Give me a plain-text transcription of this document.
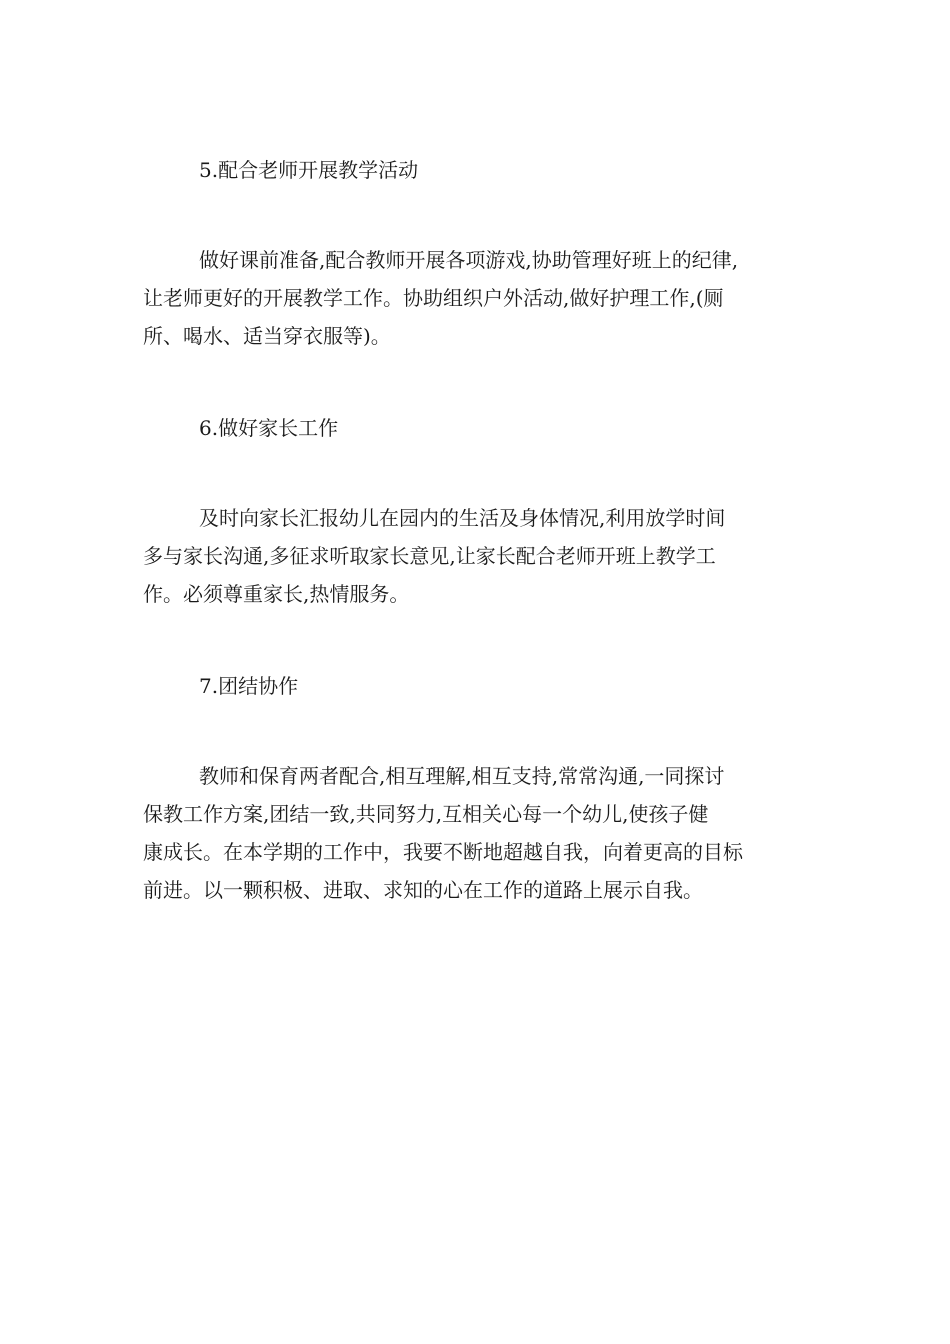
5.配合老师开展教学活动

做好课前准备,配合教师开展各项游戏,协助管理好班上的纪律,
让老师更好的开展教学工作。协助组织户外活动,做好护理工作,(厕
所、喝水、适当穿衣服等)。

6.做好家长工作

及时向家长汇报幼儿在园内的生活及身体情况,利用放学时间
多与家长沟通,多征求听取家长意见,让家长配合老师开班上教学工
作。必须尊重家长,热情服务。

7.团结协作

教师和保育两者配合,相互理解,相互支持,常常沟通,一同探讨
保教工作方案,团结一致,共同努力,互相关心每一个幼儿,使孩子健
康成长。在本学期的工作中，我要不断地超越自我，向着更高的目标
前进。以一颗积极、进取、求知的心在工作的道路上展示自我。
